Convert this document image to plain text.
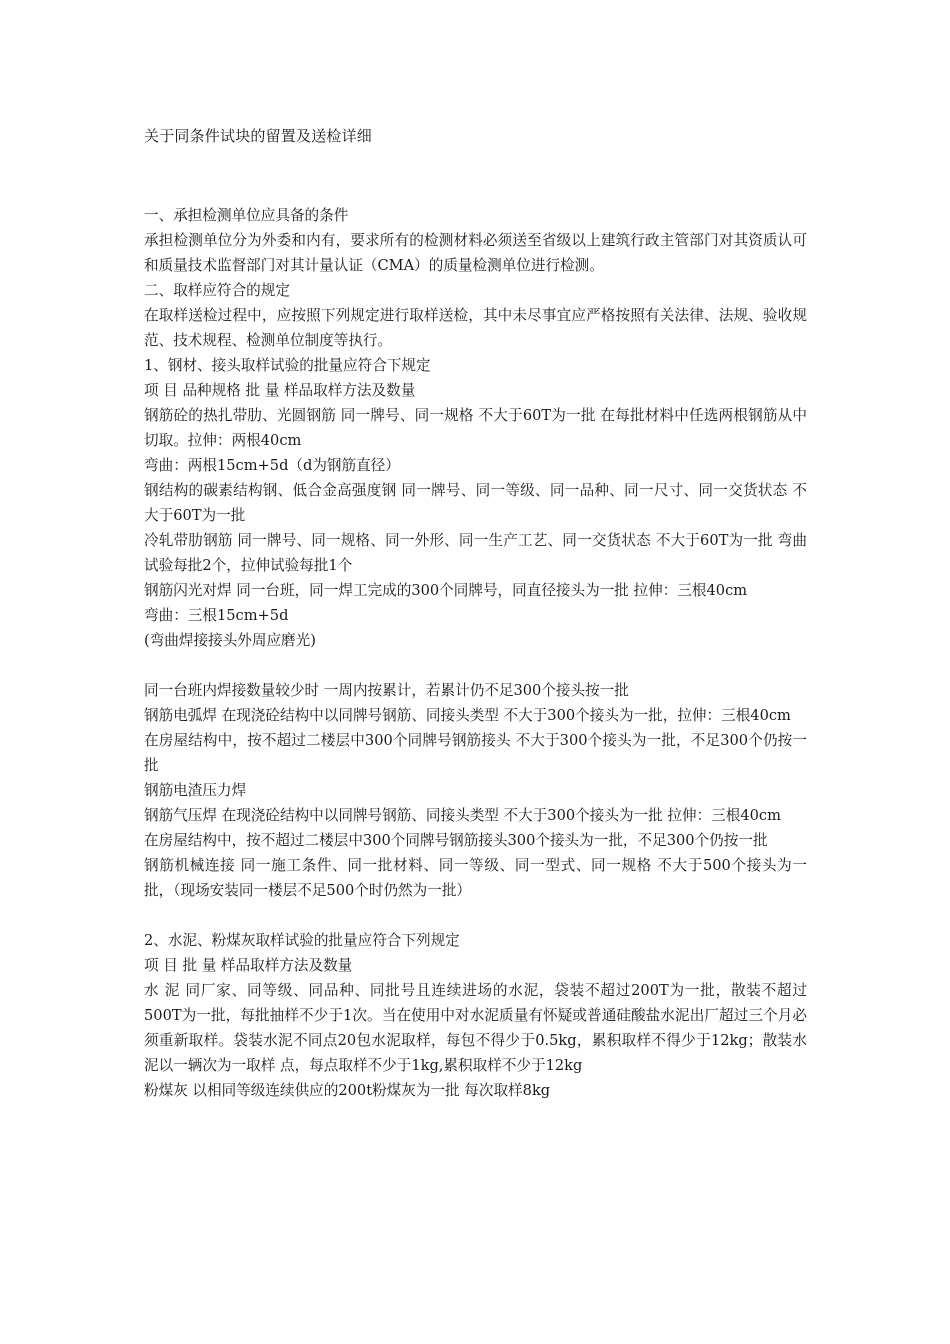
关于同条件试块的留置及送检详细

一、承担检测单位应具备的条件

承担检测单位分为外委和内有，要求所有的检测材料必须送至省级以上建筑行政主管部门对其资质认可和质量技术监督部门对其计量认证（CMA）的质量检测单位进行检测。

二、取样应符合的规定

在取样送检过程中，应按照下列规定进行取样送检，其中未尽事宜应严格按照有关法律、法规、验收规范、技术规程、检测单位制度等执行。

1、钢材、接头取样试验的批量应符合下规定

项 目 品种规格 批 量 样品取样方法及数量

钢筋砼的热扎带肋、光圆钢筋 同一牌号、同一规格 不大于60T为一批 在每批材料中任选两根钢筋从中切取。拉伸：两根40cm

弯曲：两根15cm+5d（d为钢筋直径）

钢结构的碳素结构钢、低合金高强度钢 同一牌号、同一等级、同一品种、同一尺寸、同一交货状态 不大于60T为一批

冷轧带肋钢筋 同一牌号、同一规格、同一外形、同一生产工艺、同一交货状态 不大于60T为一批 弯曲试验每批2个，拉伸试验每批1个

钢筋闪光对焊 同一台班，同一焊工完成的300个同牌号，同直径接头为一批 拉伸：三根40cm

弯曲：三根15cm+5d

(弯曲焊接接头外周应磨光)

同一台班内焊接数量较少时 一周内按累计，若累计仍不足300个接头按一批

钢筋电弧焊 在现浇砼结构中以同牌号钢筋、同接头类型 不大于300个接头为一批，拉伸：三根40cm

在房屋结构中，按不超过二楼层中300个同牌号钢筋接头 不大于300个接头为一批，不足300个仍按一批

钢筋电渣压力焊

钢筋气压焊 在现浇砼结构中以同牌号钢筋、同接头类型 不大于300个接头为一批 拉伸：三根40cm

在房屋结构中，按不超过二楼层中300个同牌号钢筋接头300个接头为一批，不足300个仍按一批

钢筋机械连接 同一施工条件、同一批材料、同一等级、同一型式、同一规格 不大于500个接头为一批，（现场安装同一楼层不足500个时仍然为一批）

2、水泥、粉煤灰取样试验的批量应符合下列规定

项 目 批 量 样品取样方法及数量

水 泥 同厂家、同等级、同品种、同批号且连续进场的水泥，袋装不超过200T为一批，散装不超过500T为一批，每批抽样不少于1次。当在使用中对水泥质量有怀疑或普通硅酸盐水泥出厂超过三个月必须重新取样。袋装水泥不同点20包水泥取样，每包不得少于0.5kg，累积取样不得少于12kg；散装水泥以一辆次为一取样 点，每点取样不少于1kg,累积取样不少于12kg

粉煤灰 以相同等级连续供应的200t粉煤灰为一批 每次取样8kg
